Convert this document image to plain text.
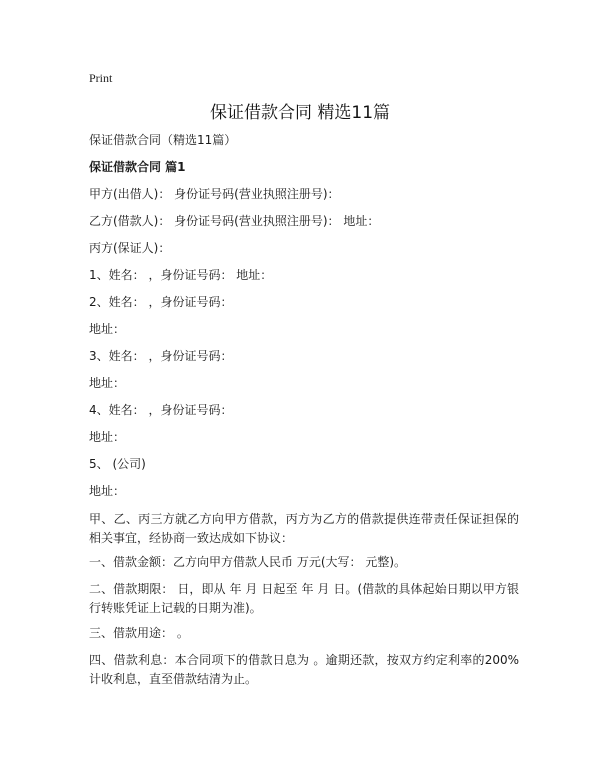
Print
保证借款合同 精选11篇
保证借款合同（精选11篇）
保证借款合同 篇1
甲方(出借人)： 身份证号码(营业执照注册号)：
乙方(借款人)： 身份证号码(营业执照注册号)： 地址：
丙方(保证人)：
1、姓名： ，身份证号码： 地址：
2、姓名： ，身份证号码：
地址：
3、姓名： ，身份证号码：
地址：
4、姓名： ，身份证号码：
地址：
5、 (公司)
地址：
甲、乙、丙三方就乙方向甲方借款，丙方为乙方的借款提供连带责任保证担保的相关事宜，经协商一致达成如下协议：
一、借款金额：乙方向甲方借款人民币 万元(大写： 元整)。
二、借款期限： 日，即从 年 月 日起至 年 月 日。(借款的具体起始日期以甲方银行转账凭证上记载的日期为准)。
三、借款用途： 。
四、借款利息：本合同项下的借款日息为 。逾期还款，按双方约定利率的200%计收利息，直至借款结清为止。
